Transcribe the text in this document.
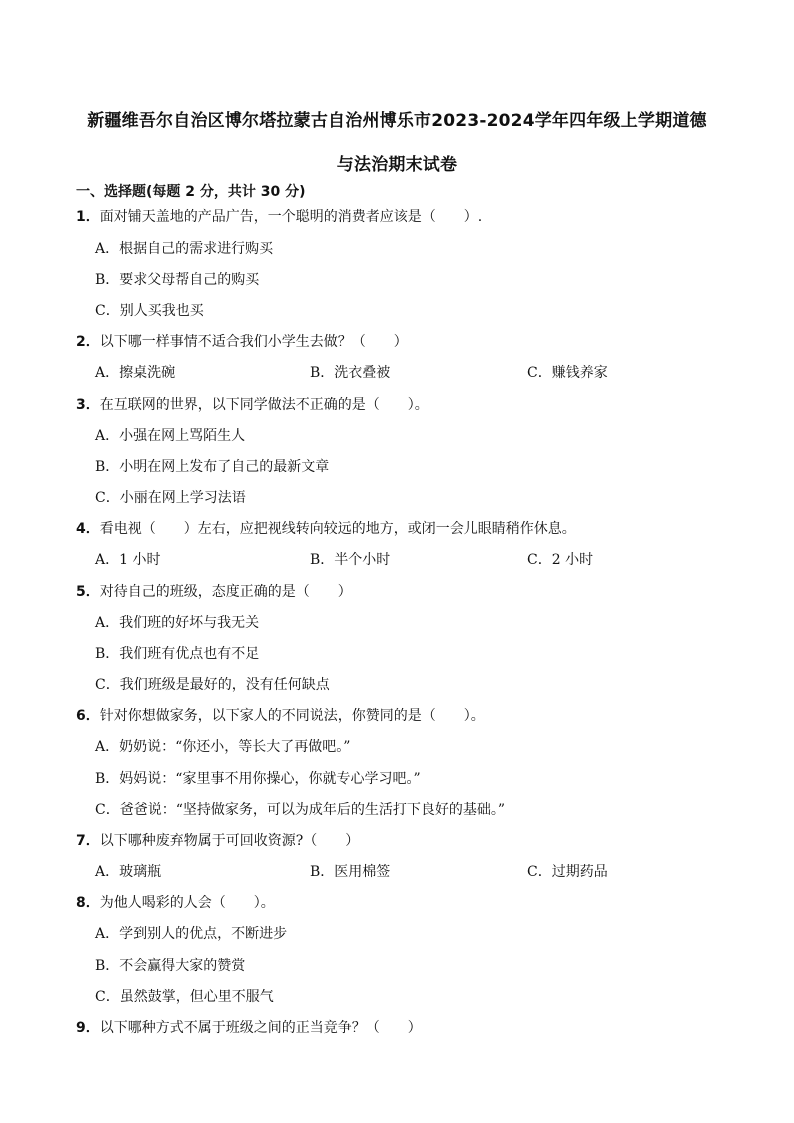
新疆维吾尔自治区博尔塔拉蒙古自治州博乐市2023-2024学年四年级上学期道德
与法治期末试卷
一、选择题(每题 2 分，共计 30 分)
1．面对铺天盖地的产品广告，一个聪明的消费者应该是（　　）.
A．根据自己的需求进行购买
B．要求父母帮自己的购买
C．别人买我也买
2．以下哪一样事情不适合我们小学生去做？（　　）
A．擦桌洗碗	B．洗衣叠被	C．赚钱养家
3．在互联网的世界，以下同学做法不正确的是（　　）。
A．小强在网上骂陌生人
B．小明在网上发布了自己的最新文章
C．小丽在网上学习法语
4．看电视（　　）左右，应把视线转向较远的地方，或闭一会儿眼睛稍作休息。
A．1 小时	B．半个小时	C．2 小时
5．对待自己的班级，态度正确的是（　　）
A．我们班的好坏与我无关
B．我们班有优点也有不足
C．我们班级是最好的，没有任何缺点
6．针对你想做家务，以下家人的不同说法，你赞同的是（　　）。
A．奶奶说：“你还小，等长大了再做吧。”
B．妈妈说：“家里事不用你操心，你就专心学习吧。”
C．爸爸说：“坚持做家务，可以为成年后的生活打下良好的基础。”
7．以下哪种废弃物属于可回收资源?（　　）
A．玻璃瓶	B．医用棉签	C．过期药品
8．为他人喝彩的人会（　　）。
A．学到别人的优点，不断进步
B．不会赢得大家的赞赏
C．虽然鼓掌，但心里不服气
9．以下哪种方式不属于班级之间的正当竞争？（　　）
